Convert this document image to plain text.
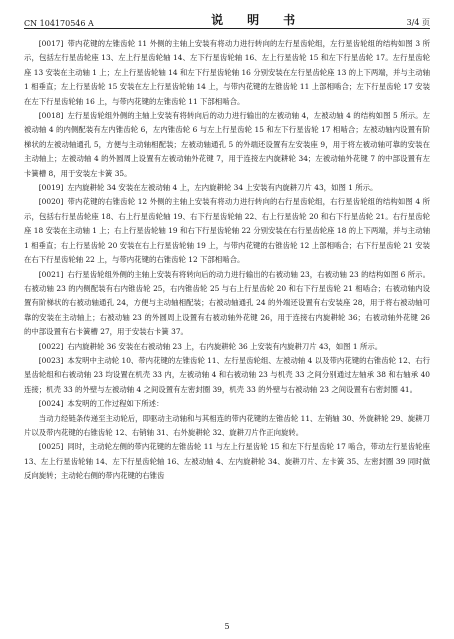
CN 104170546 A	说　明　书	3/4 页

[0017] 带内花键的左锥齿轮 11 外侧的主轴上安装有将动力进行转向的左行星齿轮组，左行星齿轮组的结构如图 3 所示，包括左行星齿轮座 13、左上行星齿轮轴 14、左下行星齿轮轴 16、左上行星齿轮 15 和左下行星齿轮 17。左行星齿轮座 13 安装在主动轴 1 上；左上行星齿轮轴 14 和左下行星齿轮轴 16 分别安装在左行星齿轮座 13 的上下两端，并与主动轴 1 相垂直；左上行星齿轮 15 安装在左上行星齿轮轴 14 上，与带内花键的左锥齿轮 11 上部相啮合；左下行星齿轮 17 安装在左下行星齿轮轴 16 上，与带内花键的左锥齿轮 11 下部相啮合。

[0018] 左行星齿轮组外侧的主轴上安装有将转向后的动力进行输出的左被动轴 4，左被动轴 4 的结构如图 5 所示。左被动轴 4 的内侧配装有左内锥齿轮 6，左内锥齿轮 6 与左上行星齿轮 15 和左下行星齿轮 17 相啮合；左被动轴内设置有阶梯状的左被动轴通孔 5，方便与主动轴相配装；左被动轴通孔 5 的外端还设置有左安装座 9，用于将左被动轴可靠的安装在主动轴上；左被动轴 4 的外圆周上设置有左被动轴外花键 7，用于连接左内旋耕轮 34；左被动轴外花键 7 的中部设置有左卡簧槽 8，用于安装左卡簧 35。

[0019] 左内旋耕轮 34 安装在左被动轴 4 上，左内旋耕轮 34 上安装有内旋耕刀片 43，如图 1 所示。

[0020] 带内花键的右锥齿轮 12 外侧的主轴上安装有将动力进行转向的右行星齿轮组，右行星齿轮组的结构如图 4 所示，包括右行星齿轮座 18、右上行星齿轮轴 19、右下行星齿轮轴 22、右上行星齿轮 20 和右下行星齿轮 21。右行星齿轮座 18 安装在主动轴 1 上；右上行星齿轮轴 19 和右下行星齿轮轴 22 分别安装在右行星齿轮座 18 的上下两端，并与主动轴 1 相垂直；右上行星齿轮 20 安装在右上行星齿轮轴 19 上，与带内花键的右锥齿轮 12 上部相啮合；右下行星齿轮 21 安装在右下行星齿轮轴 22 上，与带内花键的右锥齿轮 12 下部相啮合。

[0021] 右行星齿轮组外侧的主轴上安装有将转向后的动力进行输出的右被动轴 23，右被动轴 23 的结构如图 6 所示。右被动轴 23 的内侧配装有右内锥齿轮 25，右内锥齿轮 25 与右上行星齿轮 20 和右下行星齿轮 21 相啮合；右被动轴内设置有阶梯状的右被动轴通孔 24，方便与主动轴相配装；右被动轴通孔 24 的外端还设置有右安装座 28，用于将右被动轴可靠的安装在主动轴上；右被动轴 23 的外圆周上设置有右被动轴外花键 26，用于连接右内旋耕轮 36；右被动轴外花键 26 的中部设置有右卡簧槽 27，用于安装右卡簧 37。

[0022] 右内旋耕轮 36 安装在右被动轴 23 上，右内旋耕轮 36 上安装有内旋耕刀片 43，如图 1 所示。

[0023] 本发明中主动轮 10、带内花键的左锥齿轮 11、左行星齿轮组、左被动轴 4 以及带内花键的右锥齿轮 12、右行星齿轮组和右被动轴 23 均设置在机壳 33 内，左被动轴 4 和右被动轴 23 与机壳 33 之间分别通过左轴承 38 和右轴承 40 连接；机壳 33 的外壁与左被动轴 4 之间设置有左密封圈 39，机壳 33 的外壁与右被动轴 23 之间设置有右密封圈 41。

[0024] 本发明的工作过程如下所述：

当动力经链条传递至主动轮后，即驱动主动轴和与其相连的带内花键的左锥齿轮 11、左销轴 30、外旋耕轮 29、旋耕刀片以及带内花键的右锥齿轮 12、右销轴 31、右外旋耕轮 32、旋耕刀片作正向旋转。

[0025] 同时，主动轮左侧的带内花键的左锥齿轮 11 与左上行星齿轮 15 和左下行星齿轮 17 啮合，带动左行星齿轮座 13、左上行星齿轮轴 14、左下行星齿轮轴 16、左被动轴 4、左内旋耕轮 34、旋耕刀片、左卡簧 35、左密封圈 39 同时做反向旋转；主动轮右侧的带内花键的右锥齿

5
